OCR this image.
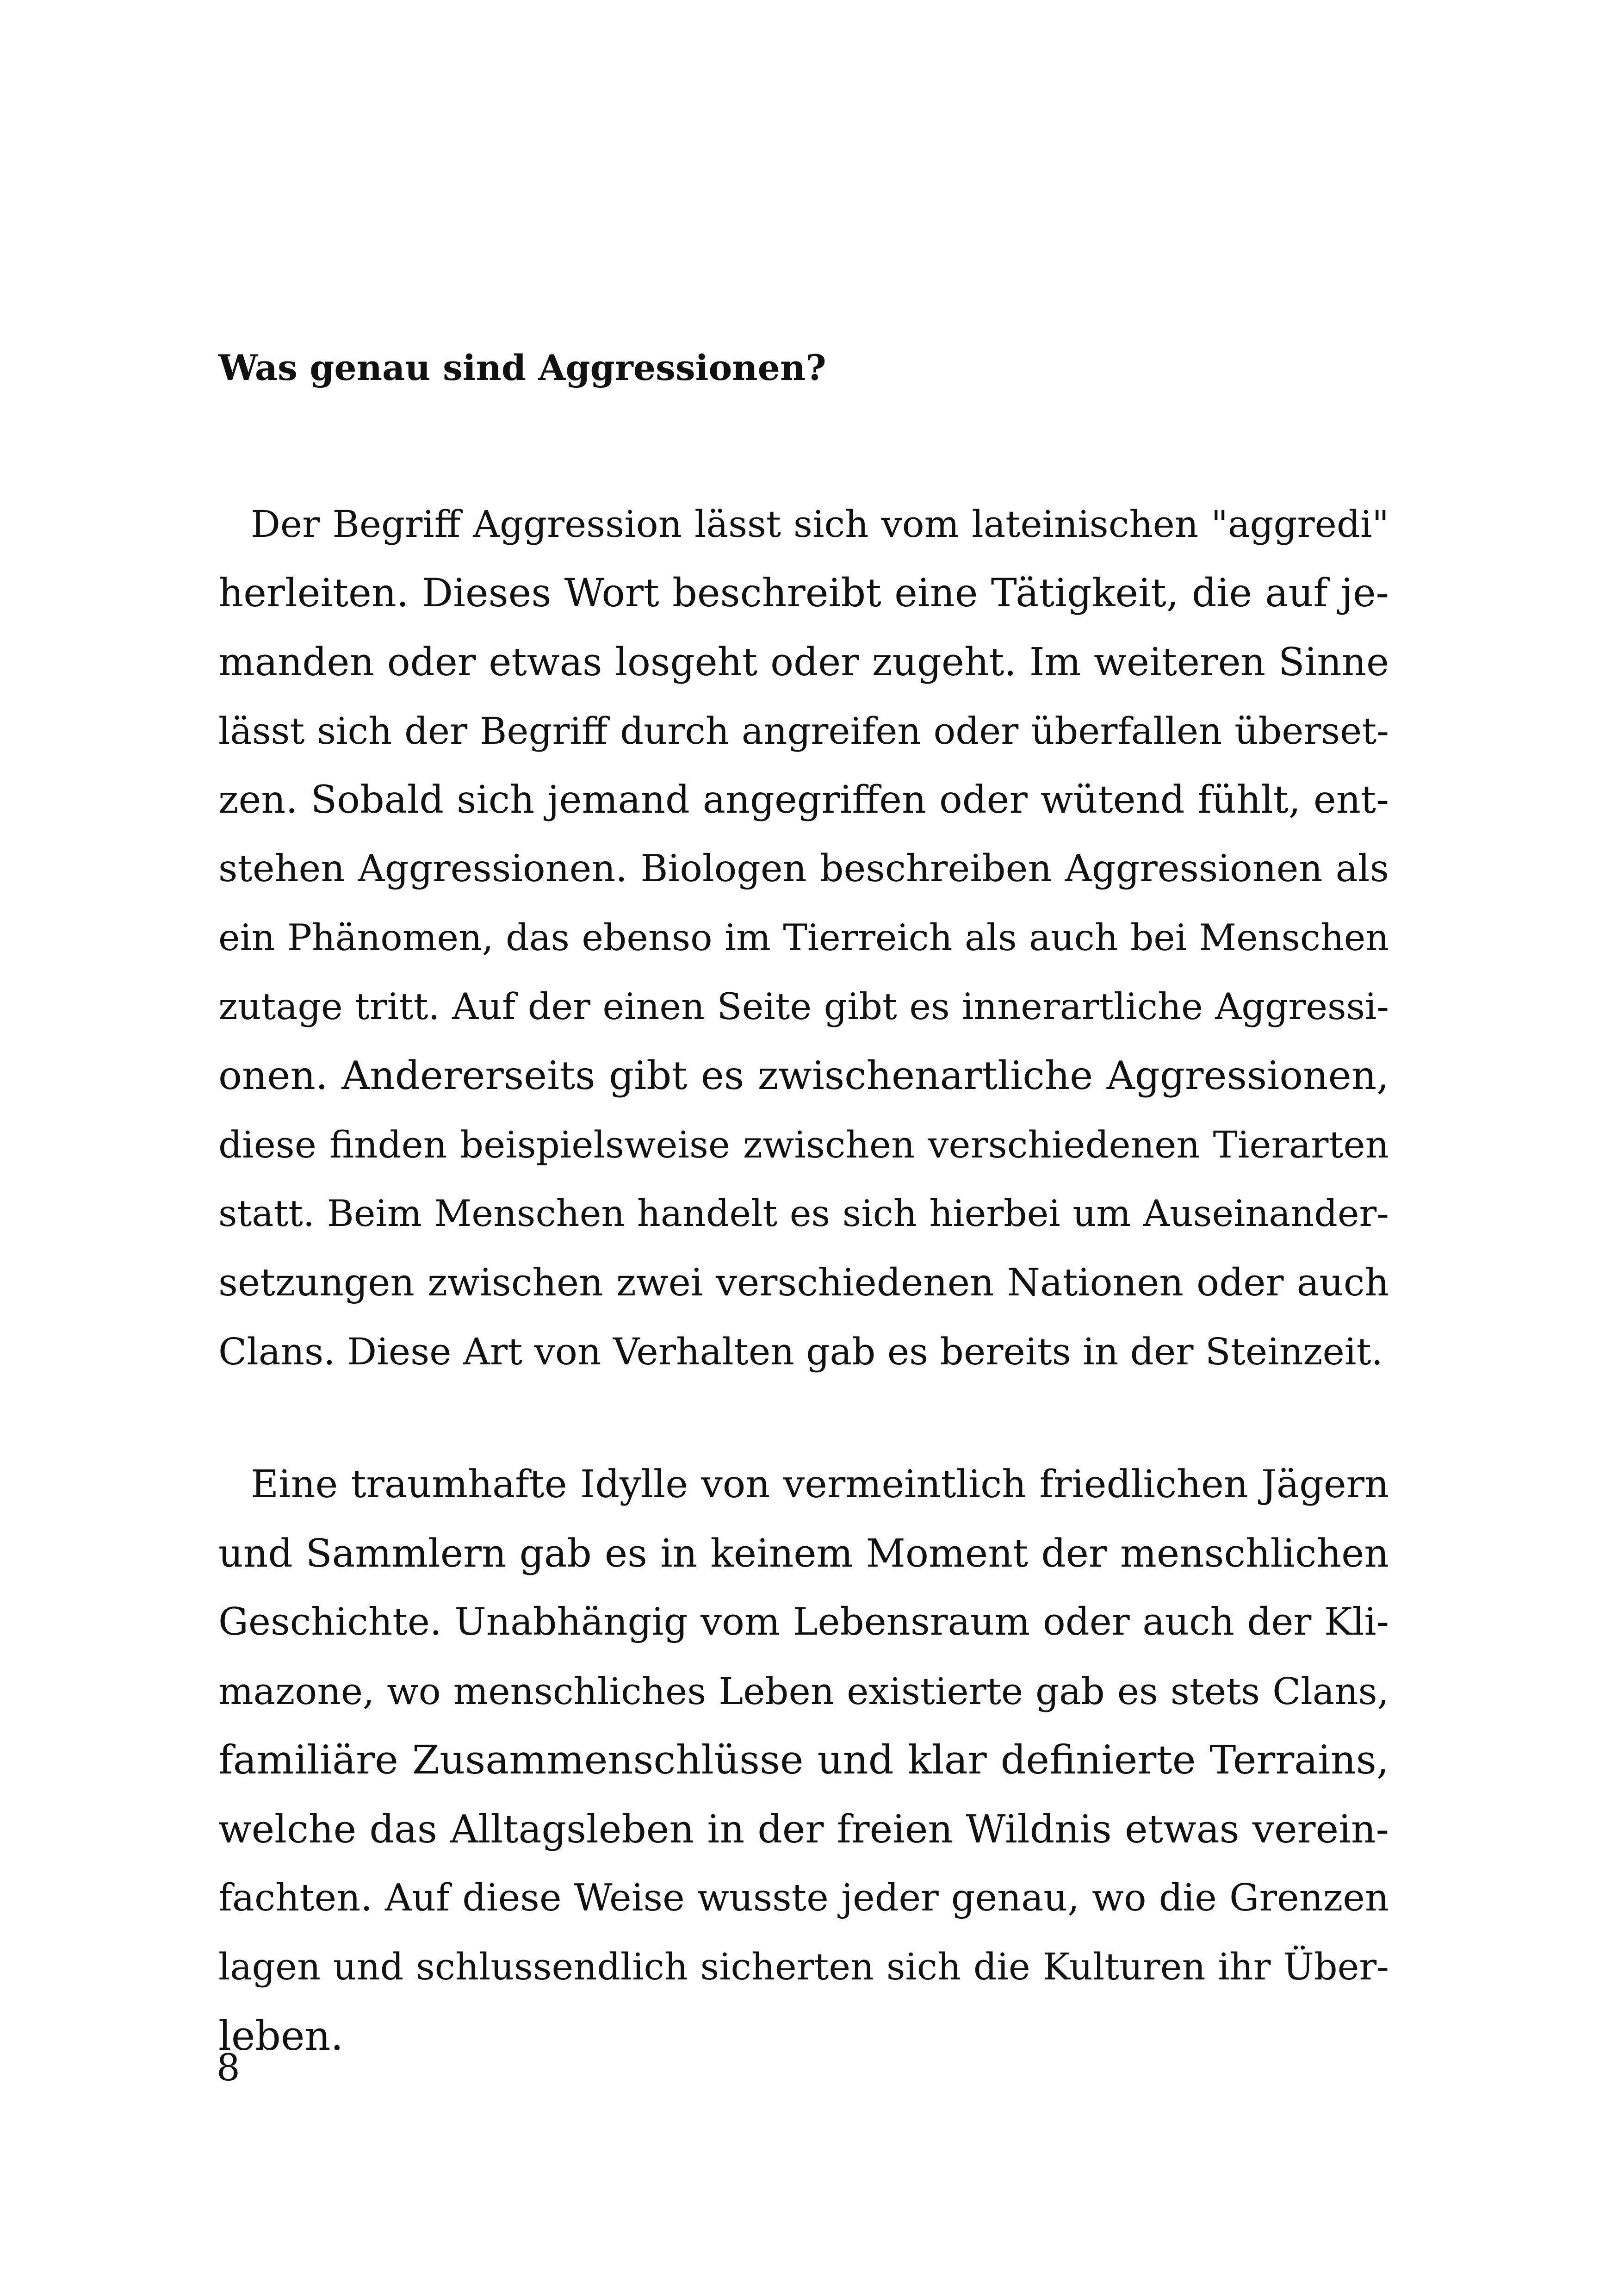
Was genau sind Aggressionen?
Der Begriff Aggression lässt sich vom lateinischen "aggredi"
herleiten. Dieses Wort beschreibt eine Tätigkeit, die auf je-
manden oder etwas losgeht oder zugeht. Im weiteren Sinne
lässt sich der Begriff durch angreifen oder überfallen überset-
zen. Sobald sich jemand angegriffen oder wütend fühlt, ent-
stehen Aggressionen. Biologen beschreiben Aggressionen als
ein Phänomen, das ebenso im Tierreich als auch bei Menschen
zutage tritt. Auf der einen Seite gibt es innerartliche Aggressi-
onen. Andererseits gibt es zwischenartliche Aggressionen,
diese finden beispielsweise zwischen verschiedenen Tierarten
statt. Beim Menschen handelt es sich hierbei um Auseinander-
setzungen zwischen zwei verschiedenen Nationen oder auch
Clans. Diese Art von Verhalten gab es bereits in der Steinzeit.
Eine traumhafte Idylle von vermeintlich friedlichen Jägern
und Sammlern gab es in keinem Moment der menschlichen
Geschichte. Unabhängig vom Lebensraum oder auch der Kli-
mazone, wo menschliches Leben existierte gab es stets Clans,
familiäre Zusammenschlüsse und klar definierte Terrains,
welche das Alltagsleben in der freien Wildnis etwas verein-
fachten. Auf diese Weise wusste jeder genau, wo die Grenzen
lagen und schlussendlich sicherten sich die Kulturen ihr Über-
leben.

8
